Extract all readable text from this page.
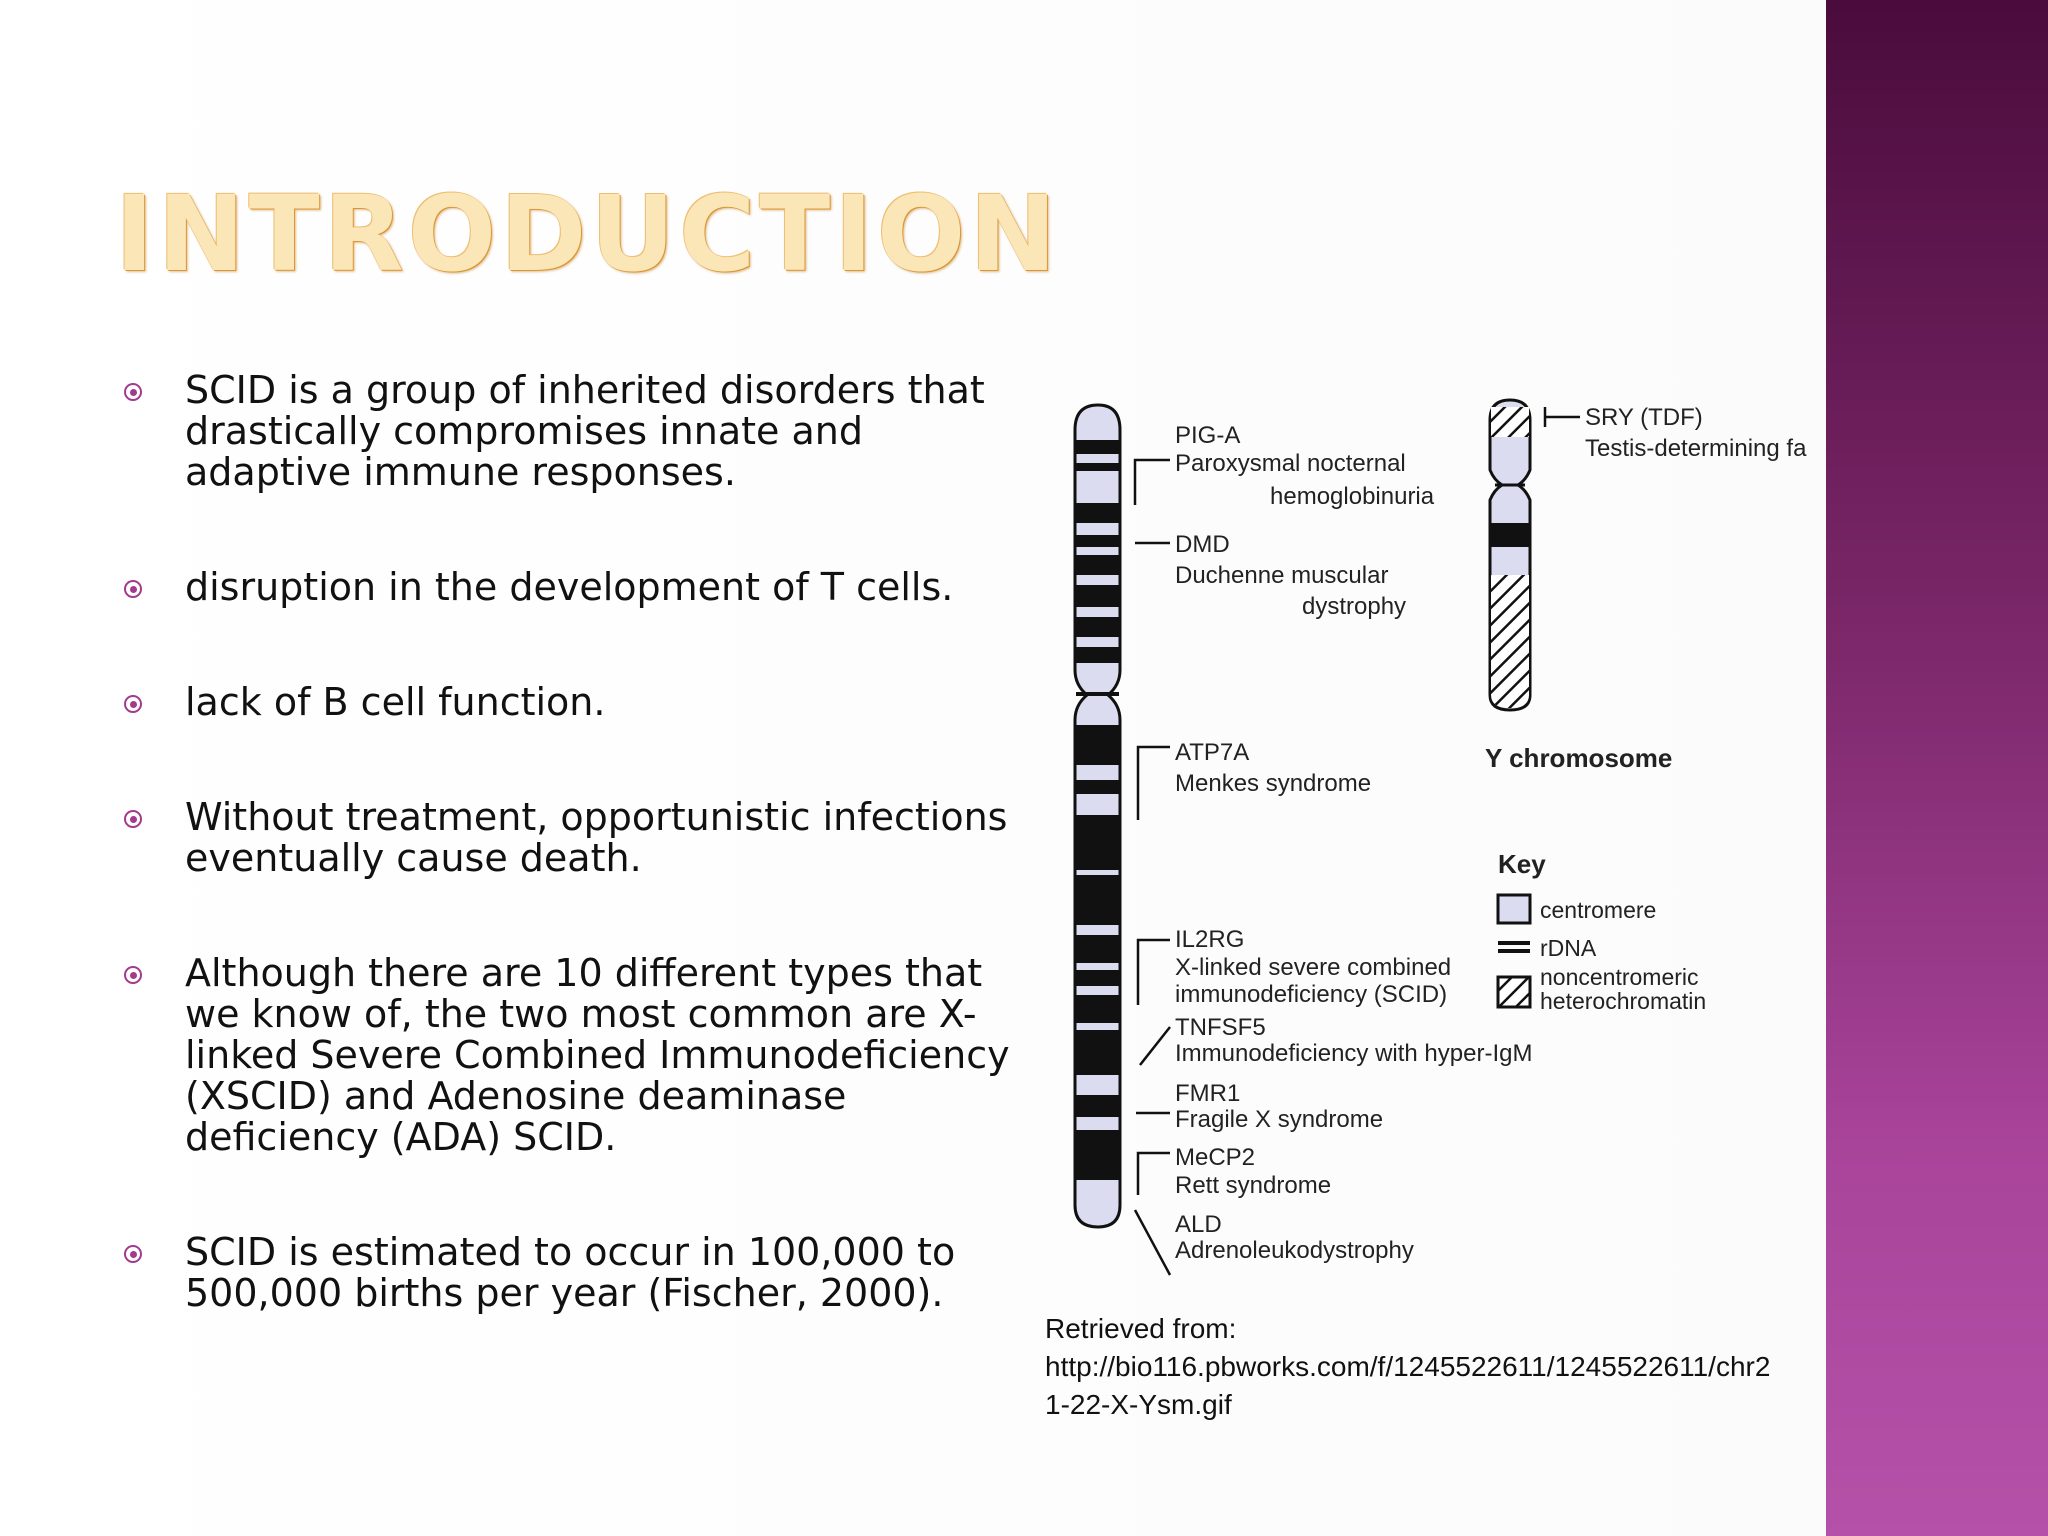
INTRODUCTION
SCID is a group of inherited disorders that drastically compromises innate and adaptive immune responses.
disruption in the development of T cells.
lack of B cell function.
Without treatment, opportunistic infections eventually cause death.
Although there are 10 different types that we know of, the two most common are X-linked Severe Combined Immunodeficiency (XSCID) and Adenosine deaminase deficiency (ADA) SCID.
SCID is estimated to occur in 100,000 to 500,000 births per year (Fischer, 2000).
PIG-A
Paroxysmal nocternal
hemoglobinuria
DMD
Duchenne muscular
dystrophy
ATP7A
Menkes syndrome
IL2RG
X-linked severe combined
immunodeficiency (SCID)
TNFSF5
Immunodeficiency with hyper-IgM
FMR1
Fragile X syndrome
MeCP2
Rett syndrome
ALD
Adrenoleukodystrophy
SRY (TDF)
Testis-determining fa
Y chromosome
Key
centromere
rDNA
noncentromeric
heterochromatin
Retrieved from:
http://bio116.pbworks.com/f/1245522611/1245522611/chr2
1-22-X-Ysm.gif
